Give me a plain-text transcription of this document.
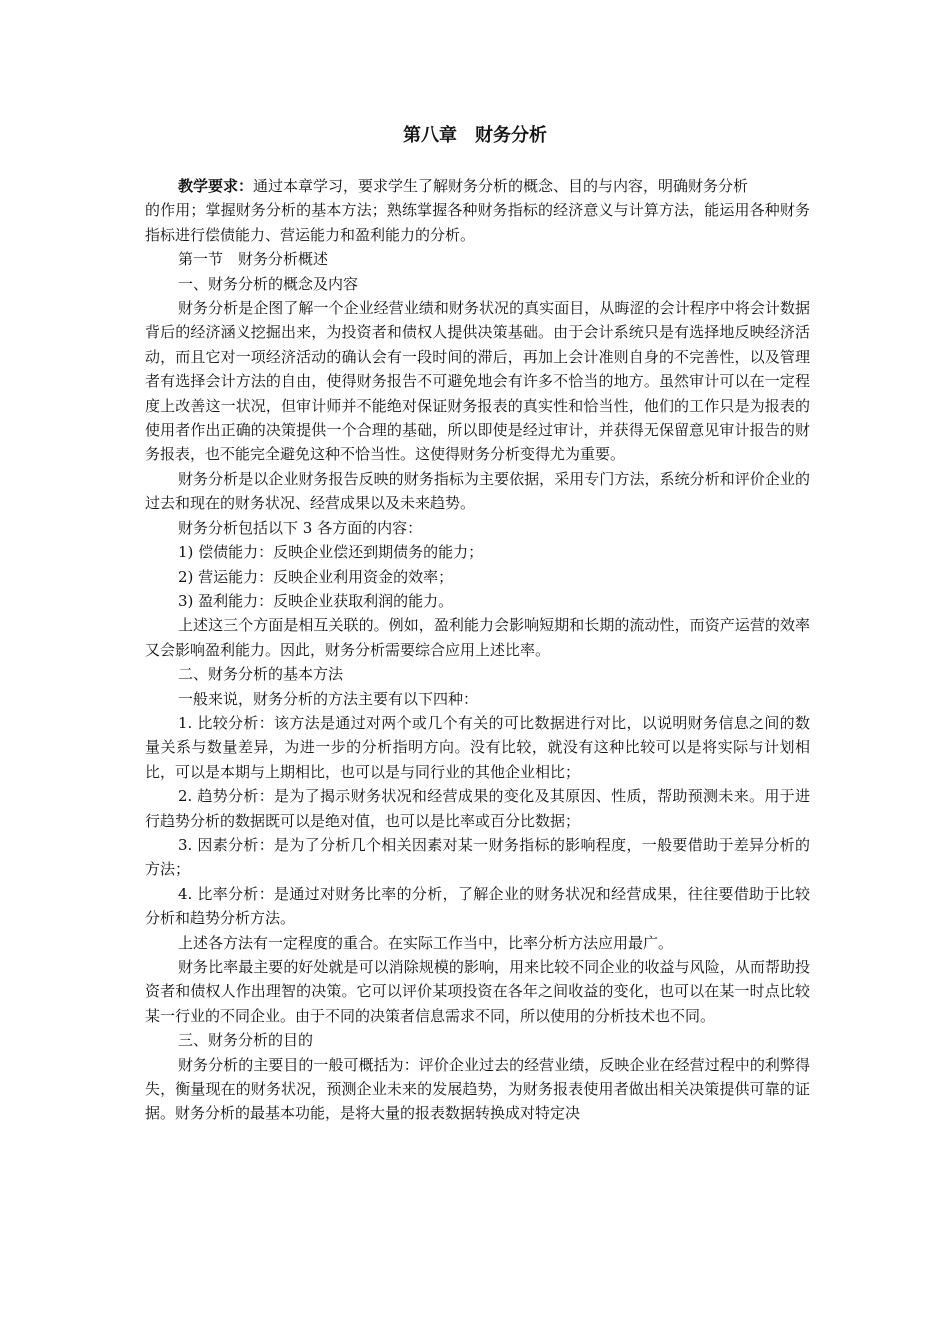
第八章　财务分析

教学要求：通过本章学习，要求学生了解财务分析的概念、目的与内容，明确财务分析

的作用；掌握财务分析的基本方法；熟练掌握各种财务指标的经济意义与计算方法，能运用各种财务指标进行偿债能力、营运能力和盈利能力的分析。

第一节　财务分析概述

一、财务分析的概念及内容

财务分析是企图了解一个企业经营业绩和财务状况的真实面目，从晦涩的会计程序中将会计数据背后的经济涵义挖掘出来，为投资者和债权人提供决策基础。由于会计系统只是有选择地反映经济活动，而且它对一项经济活动的确认会有一段时间的滞后，再加上会计准则自身的不完善性，以及管理者有选择会计方法的自由，使得财务报告不可避免地会有许多不恰当的地方。虽然审计可以在一定程度上改善这一状况，但审计师并不能绝对保证财务报表的真实性和恰当性，他们的工作只是为报表的使用者作出正确的决策提供一个合理的基础，所以即使是经过审计，并获得无保留意见审计报告的财务报表，也不能完全避免这种不恰当性。这使得财务分析变得尤为重要。

财务分析是以企业财务报告反映的财务指标为主要依据，采用专门方法，系统分析和评价企业的过去和现在的财务状况、经营成果以及未来趋势。

财务分析包括以下 3 各方面的内容：

1) 偿债能力：反映企业偿还到期债务的能力；

2) 营运能力：反映企业利用资金的效率；

3) 盈利能力：反映企业获取利润的能力。

上述这三个方面是相互关联的。例如，盈利能力会影响短期和长期的流动性，而资产运营的效率又会影响盈利能力。因此，财务分析需要综合应用上述比率。

二、财务分析的基本方法

一般来说，财务分析的方法主要有以下四种：

1. 比较分析：该方法是通过对两个或几个有关的可比数据进行对比，以说明财务信息之间的数量关系与数量差异，为进一步的分析指明方向。没有比较，就没有这种比较可以是将实际与计划相比，可以是本期与上期相比，也可以是与同行业的其他企业相比；

2. 趋势分析：是为了揭示财务状况和经营成果的变化及其原因、性质，帮助预测未来。用于进行趋势分析的数据既可以是绝对值，也可以是比率或百分比数据；

3. 因素分析：是为了分析几个相关因素对某一财务指标的影响程度，一般要借助于差异分析的方法；

4. 比率分析：是通过对财务比率的分析，了解企业的财务状况和经营成果，往往要借助于比较分析和趋势分析方法。

上述各方法有一定程度的重合。在实际工作当中，比率分析方法应用最广。

财务比率最主要的好处就是可以消除规模的影响，用来比较不同企业的收益与风险，从而帮助投资者和债权人作出理智的决策。它可以评价某项投资在各年之间收益的变化，也可以在某一时点比较某一行业的不同企业。由于不同的决策者信息需求不同，所以使用的分析技术也不同。

三、财务分析的目的

财务分析的主要目的一般可概括为：评价企业过去的经营业绩，反映企业在经营过程中的利弊得失，衡量现在的财务状况，预测企业未来的发展趋势，为财务报表使用者做出相关决策提供可靠的证据。财务分析的最基本功能，是将大量的报表数据转换成对特定决
